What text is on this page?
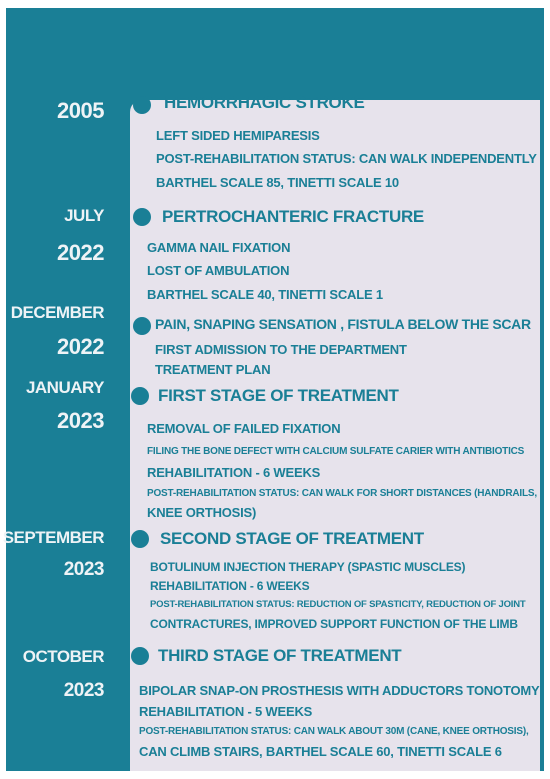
2005	HEMORRHAGIC STROKE
LEFT SIDED HEMIPARESIS
POST-REHABILITATION STATUS: CAN WALK INDEPENDENTLY
BARTHEL SCALE 85, TINETTI SCALE 10
JULY
2022
PERTROCHANTERIC FRACTURE
GAMMA NAIL FIXATION
LOST OF AMBULATION
BARTHEL SCALE 40, TINETTI SCALE 1
DECEMBER
2022
PAIN, SNAPING SENSATION , FISTULA BELOW THE SCAR
FIRST ADMISSION TO THE DEPARTMENT
TREATMENT PLAN
JANUARY
2023
FIRST STAGE OF TREATMENT
REMOVAL OF FAILED FIXATION
FILING THE BONE DEFECT WITH CALCIUM SULFATE CARIER WITH ANTIBIOTICS
REHABILITATION - 6 WEEKS
POST-REHABILITATION STATUS: CAN WALK FOR SHORT DISTANCES (HANDRAILS,
KNEE ORTHOSIS)
SEPTEMBER
2023
SECOND STAGE OF TREATMENT
BOTULINUM INJECTION THERAPY (SPASTIC MUSCLES)
REHABILITATION - 6 WEEKS
POST-REHABILITATION STATUS: REDUCTION OF SPASTICITY, REDUCTION OF JOINT
CONTRACTURES, IMPROVED SUPPORT FUNCTION OF THE LIMB
OCTOBER
2023
THIRD STAGE OF TREATMENT
BIPOLAR SNAP-ON PROSTHESIS WITH ADDUCTORS TONOTOMY
REHABILITATION - 5 WEEKS
POST-REHABILITATION STATUS: CAN WALK ABOUT 30M (CANE, KNEE ORTHOSIS),
CAN CLIMB STAIRS, BARTHEL SCALE 60, TINETTI SCALE 6
